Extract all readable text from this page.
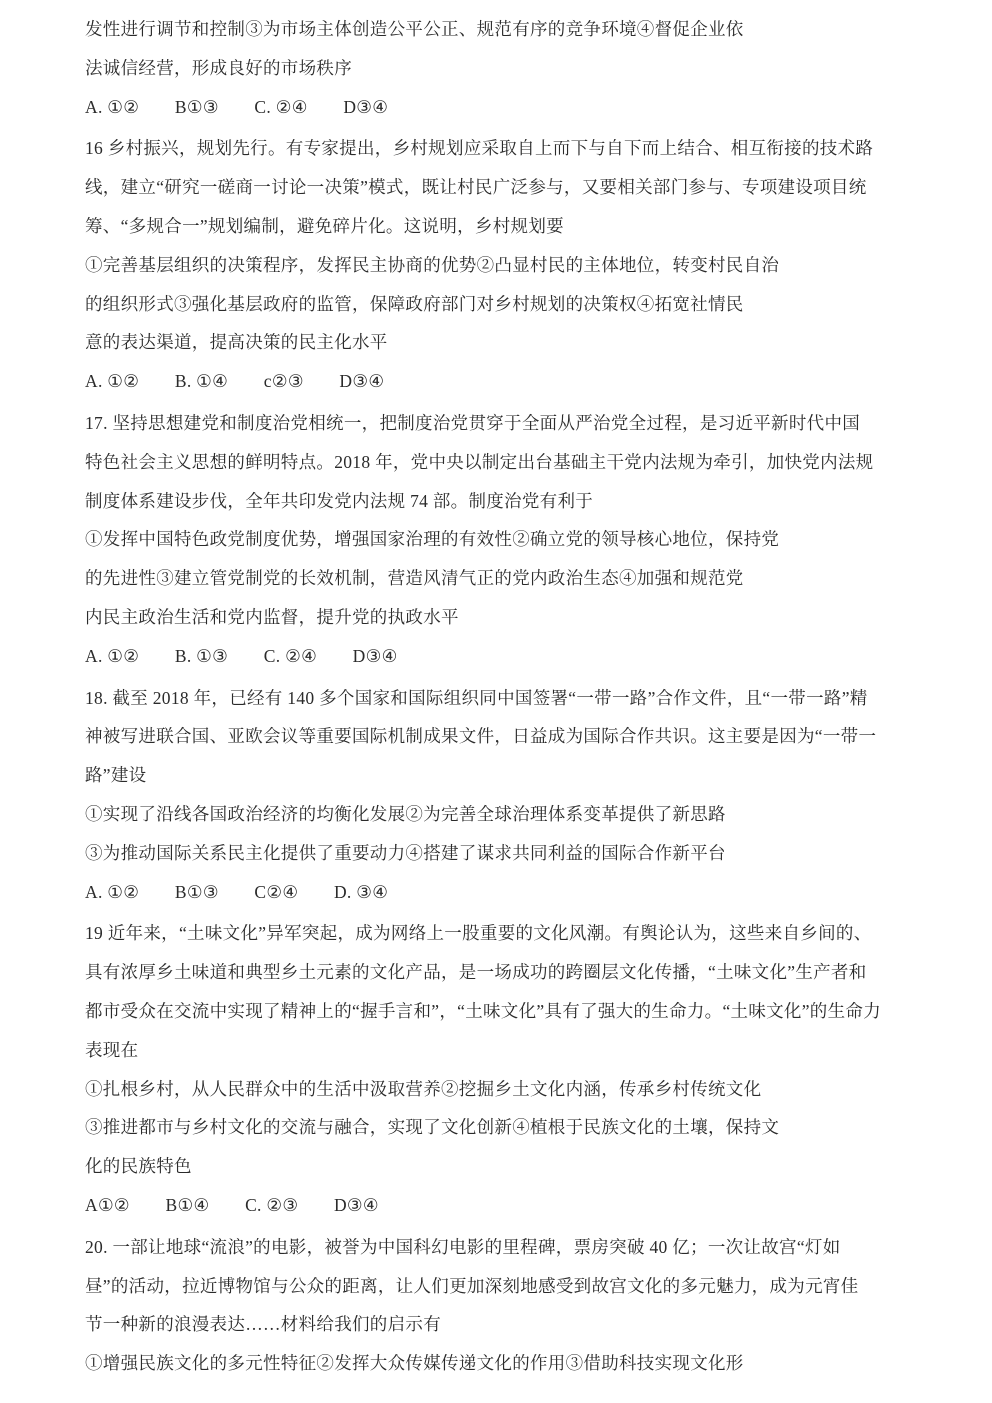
发性进行调节和控制③为市场主体创造公平公正、规范有序的竞争环境④督促企业依
法诚信经营，形成良好的市场秩序
A. ①②　　B①③　　C. ②④　　D③④
16 乡村振兴，规划先行。有专家提出，乡村规划应采取自上而下与自下而上结合、相互衔接的技术路
线，建立“研究一磋商一讨论一决策”模式，既让村民广泛参与，又要相关部门参与、专项建设项目统
筹、“多规合一”规划编制，避免碎片化。这说明，乡村规划要
①完善基层组织的决策程序，发挥民主协商的优势②凸显村民的主体地位，转变村民自治
的组织形式③强化基层政府的监管，保障政府部门对乡村规划的决策权④拓宽社情民
意的表达渠道，提高决策的民主化水平
A. ①②　　B. ①④　　c②③　　D③④
17. 坚持思想建党和制度治党相统一，把制度治党贯穿于全面从严治党全过程，是习近平新时代中国
特色社会主义思想的鲜明特点。2018 年，党中央以制定出台基础主干党内法规为牵引，加快党内法规
制度体系建设步伐，全年共印发党内法规 74 部。制度治党有利于
①发挥中国特色政党制度优势，增强国家治理的有效性②确立党的领导核心地位，保持党
的先进性③建立管党制党的长效机制，营造风清气正的党内政治生态④加强和规范党
内民主政治生活和党内监督，提升党的执政水平
A. ①②　　B. ①③　　C. ②④　　D③④
18. 截至 2018 年，已经有 140 多个国家和国际组织同中国签署“一带一路”合作文件，且“一带一路”精
神被写进联合国、亚欧会议等重要国际机制成果文件，日益成为国际合作共识。这主要是因为“一带一
路”建设
①实现了沿线各国政治经济的均衡化发展②为完善全球治理体系变革提供了新思路
③为推动国际关系民主化提供了重要动力④搭建了谋求共同利益的国际合作新平台
A. ①②　　B①③　　C②④　　D. ③④
19 近年来，“土味文化”异军突起，成为网络上一股重要的文化风潮。有舆论认为，这些来自乡间的、
具有浓厚乡土味道和典型乡土元素的文化产品，是一场成功的跨圈层文化传播，“土味文化”生产者和
都市受众在交流中实现了精神上的“握手言和”，“土味文化”具有了强大的生命力。“土味文化”的生命力
表现在
①扎根乡村，从人民群众中的生活中汲取营养②挖掘乡土文化内涵，传承乡村传统文化
③推进都市与乡村文化的交流与融合，实现了文化创新④植根于民族文化的土壤，保持文
化的民族特色
A①②　　B①④　　C. ②③　　D③④
20. 一部让地球“流浪”的电影，被誉为中国科幻电影的里程碑，票房突破 40 亿；一次让故宫“灯如
昼”的活动，拉近博物馆与公众的距离，让人们更加深刻地感受到故宫文化的多元魅力，成为元宵佳
节一种新的浪漫表达……材料给我们的启示有
①增强民族文化的多元性特征②发挥大众传媒传递文化的作用③借助科技实现文化形
